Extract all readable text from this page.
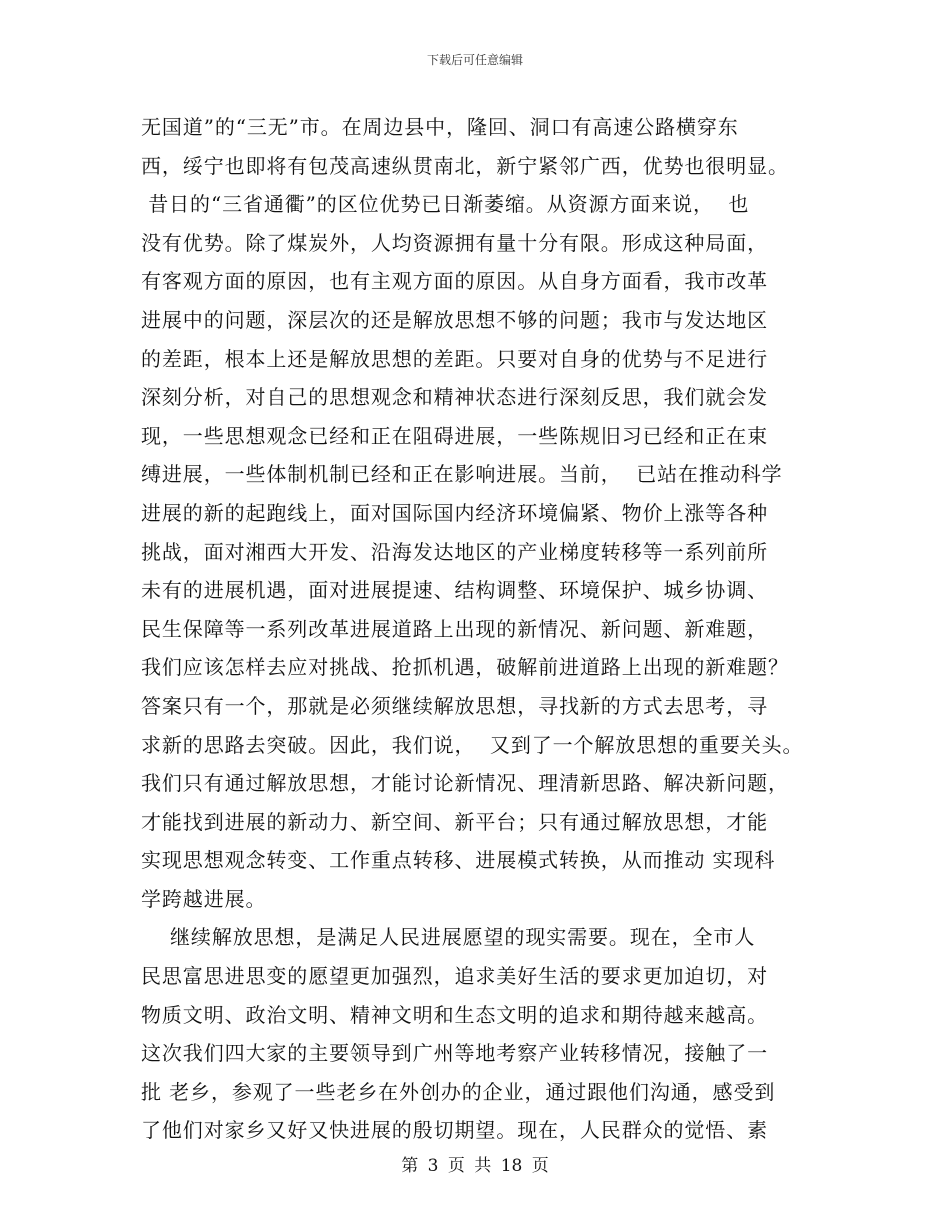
下载后可任意编辑
无国道”的“三无”市。在周边县中，隆回、洞口有高速公路横穿东
西，绥宁也即将有包茂高速纵贯南北，新宁紧邻广西，优势也很明显。
昔日的“三省通衢”的区位优势已日渐萎缩。从资源方面来说，  也
没有优势。除了煤炭外，人均资源拥有量十分有限。形成这种局面，
有客观方面的原因，也有主观方面的原因。从自身方面看，我市改革
进展中的问题，深层次的还是解放思想不够的问题；我市与发达地区
的差距，根本上还是解放思想的差距。只要对自身的优势与不足进行
深刻分析，对自己的思想观念和精神状态进行深刻反思，我们就会发
现，一些思想观念已经和正在阻碍进展，一些陈规旧习已经和正在束
缚进展，一些体制机制已经和正在影响进展。当前，  已站在推动科学
进展的新的起跑线上，面对国际国内经济环境偏紧、物价上涨等各种
挑战，面对湘西大开发、沿海发达地区的产业梯度转移等一系列前所
未有的进展机遇，面对进展提速、结构调整、环境保护、城乡协调、
民生保障等一系列改革进展道路上出现的新情况、新问题、新难题，
我们应该怎样去应对挑战、抢抓机遇，破解前进道路上出现的新难题？
答案只有一个，那就是必须继续解放思想，寻找新的方式去思考，寻
求新的思路去突破。因此，我们说，  又到了一个解放思想的重要关头。
我们只有通过解放思想，才能讨论新情况、理清新思路、解决新问题，
才能找到进展的新动力、新空间、新平台；只有通过解放思想，才能
实现思想观念转变、工作重点转移、进展模式转换，从而推动 实现科
学跨越进展。
继续解放思想，是满足人民进展愿望的现实需要。现在，全市人
民思富思进思变的愿望更加强烈，追求美好生活的要求更加迫切，对
物质文明、政治文明、精神文明和生态文明的追求和期待越来越高。
这次我们四大家的主要领导到广州等地考察产业转移情况，接触了一
批 老乡，参观了一些老乡在外创办的企业，通过跟他们沟通，感受到
了他们对家乡又好又快进展的殷切期望。现在，人民群众的觉悟、素
第 3 页 共 18 页
